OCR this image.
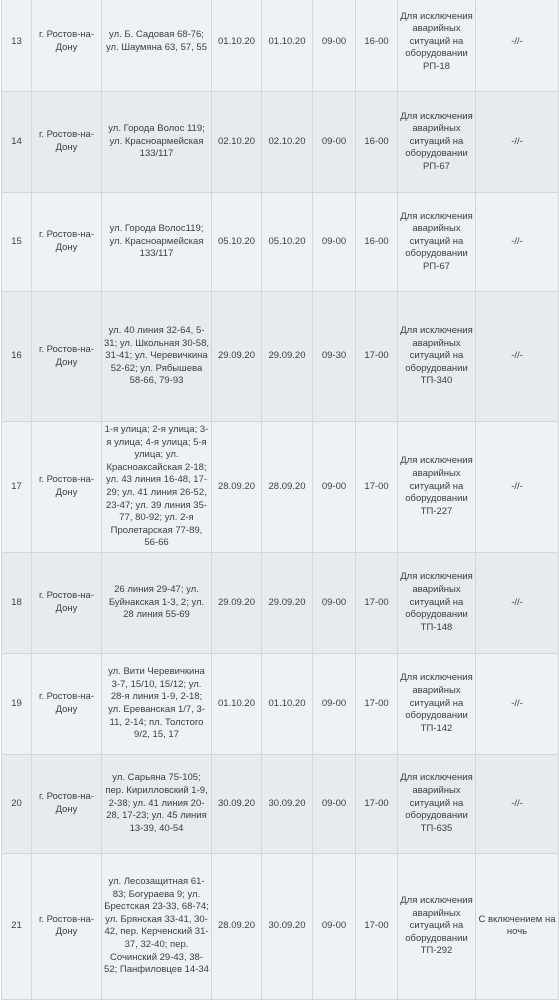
13	г. Ростов-на-Дону	ул. Б. Садовая 68-76; ул. Шаумяна 63, 57, 55	01.10.20	01.10.20	09-00	16-00	Для исключения аварийных ситуаций на оборудовании РП-18	-//-
14	г. Ростов-на-Дону	ул. Города Волос 119; ул. Красноармейская 133/117	02.10.20	02.10.20	09-00	16-00	Для исключения аварийных ситуаций на оборудовании РП-67	-//-
15	г. Ростов-на-Дону	ул. Города Волос119; ул. Красноармейская 133/117	05.10.20	05.10.20	09-00	16-00	Для исключения аварийных ситуаций на оборудовании РП-67	-//-
16	г. Ростов-на-Дону	ул. 40 линия 32-64, 5-31; ул. Школьная 30-58, 31-41; ул. Черевичкина 52-62; ул. Рябышева 58-66, 79-93	29.09.20	29.09.20	09-30	17-00	Для исключения аварийных ситуаций на оборудовании ТП-340	-//-
17	г. Ростов-на-Дону	1-я улица; 2-я улица; 3-я улица; 4-я улица; 5-я улица; ул. Красноаксайская 2-18; ул. 43 линия 16-48, 17-29; ул. 41 линия 26-52, 23-47; ул. 39 линия 35-77, 80-92; ул. 2-я Пролетарская 77-89, 56-66	28.09.20	28.09.20	09-00	17-00	Для исключения аварийных ситуаций на оборудовании ТП-227	-//-
18	г. Ростов-на-Дону	26 линия 29-47; ул. Буйнакская 1-3, 2; ул. 28 линия 55-69	29.09.20	29.09.20	09-00	17-00	Для исключения аварийных ситуаций на оборудовании ТП-148	-//-
19	г. Ростов-на-Дону	ул. Вити Черевичкина 3-7, 15/10, 15/12; ул. 28-я линия 1-9, 2-18; ул. Ереванская 1/7, 3-11, 2-14; пл. Толстого 9/2, 15, 17	01.10.20	01.10.20	09-00	17-00	Для исключения аварийных ситуаций на оборудовании ТП-142	-//-
20	г. Ростов-на-Дону	ул. Сарьяна 75-105; пер. Кирилловский 1-9, 2-38; ул. 41 линия 20-28, 17-23; ул. 45 линия 13-39, 40-54	30.09.20	30.09.20	09-00	17-00	Для исключения аварийных ситуаций на оборудовании ТП-635	-//-
21	г. Ростов-на-Дону	ул. Лесозащитная 61-83; Богураева 9; ул. Брестская 23-33, 68-74; ул. Брянская 33-41, 30-42, пер. Керченский 31-37, 32-40; пер. Сочинский 29-43, 38-52; Панфиловцев 14-34	28.09.20	30.09.20	09-00	17-00	Для исключения аварийных ситуаций на оборудовании ТП-292	С включением на ночь
